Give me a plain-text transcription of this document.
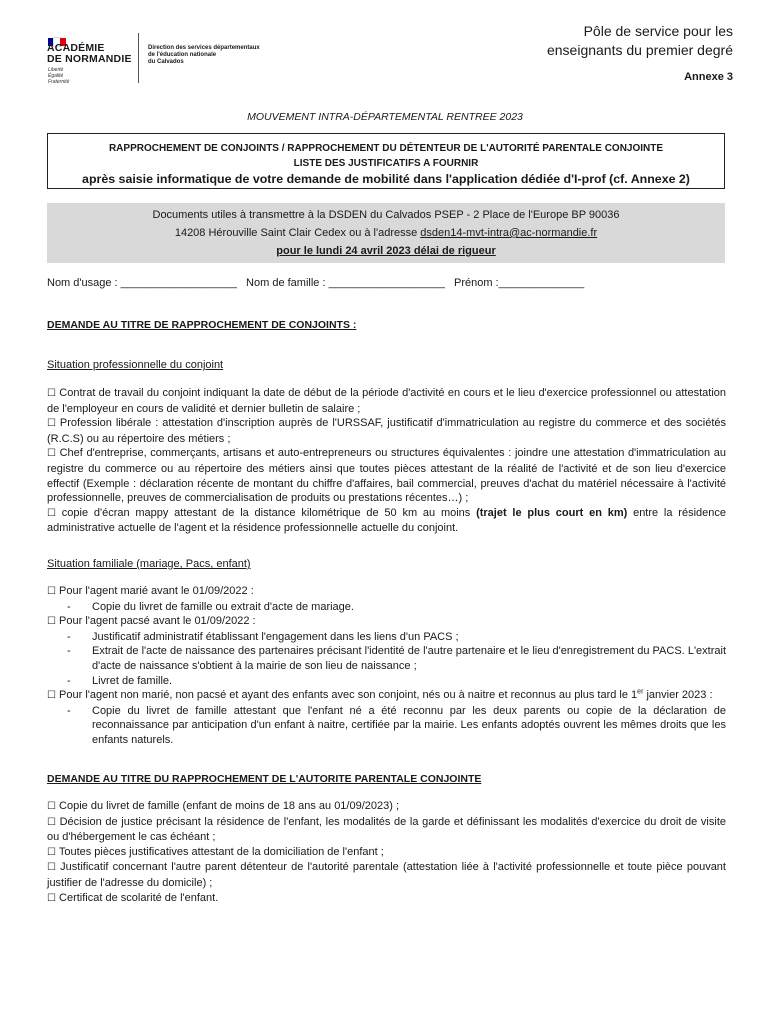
ACADÉMIE
DE NORMANDIE
Liberté
Égalité
Fraternité
Direction des services départementaux
de l'éducation nationale
du Calvados
Pôle de service pour les
enseignants du premier degré
Annexe 3
MOUVEMENT INTRA-DÉPARTEMENTAL RENTREE 2023
RAPPROCHEMENT DE CONJOINTS / RAPPROCHEMENT DU DÉTENTEUR DE L'AUTORITÉ PARENTALE CONJOINTE
LISTE DES JUSTIFICATIFS A FOURNIR
après saisie informatique de votre demande de mobilité dans l'application dédiée d'I-prof (cf. Annexe 2)
Documents utiles à transmettre à la DSDEN du Calvados PSEP - 2 Place de l'Europe BP 90036
14208 Hérouville Saint Clair Cedex ou à l'adresse dsden14-mvt-intra@ac-normandie.fr
pour le lundi 24 avril 2023 délai de rigueur
Nom d'usage : ___________________ Nom de famille : ___________________ Prénom :______________
DEMANDE AU TITRE DE RAPPROCHEMENT DE CONJOINTS :
Situation professionnelle du conjoint

☐ Contrat de travail du conjoint indiquant la date de début de la période d'activité en cours et le lieu d'exercice professionnel ou attestation de l'employeur en cours de validité et dernier bulletin de salaire ;

☐ Profession libérale : attestation d'inscription auprès de l'URSSAF, justificatif d'immatriculation au registre du commerce et des sociétés (R.C.S) ou au répertoire des métiers ;

☐ Chef d'entreprise, commerçants, artisans et auto-entrepreneurs ou structures équivalentes : joindre une attestation d'immatriculation au registre du commerce ou au répertoire des métiers ainsi que toutes pièces attestant de la réalité de l'activité et de son lieu d'exercice effectif (Exemple : déclaration récente de montant du chiffre d'affaires, bail commercial, preuves d'achat du matériel nécessaire à l'activité professionnelle, preuves de commercialisation de produits ou prestations récentes…) ;

☐ copie d'écran mappy attestant de la distance kilométrique de 50 km au moins (trajet le plus court en km) entre la résidence administrative actuelle de l'agent et la résidence professionnelle actuelle du conjoint.

Situation familiale (mariage, Pacs, enfant)

☐ Pour l'agent marié avant le 01/09/2022 :

- Copie du livret de famille ou extrait d'acte de mariage.

☐ Pour l'agent pacsé avant le 01/09/2022 :

- Justificatif administratif établissant l'engagement dans les liens d'un PACS ;

- Extrait de l'acte de naissance des partenaires précisant l'identité de l'autre partenaire et le lieu d'enregistrement du PACS. L'extrait d'acte de naissance s'obtient à la mairie de son lieu de naissance ;

- Livret de famille.

☐ Pour l'agent non marié, non pacsé et ayant des enfants avec son conjoint, nés ou à naitre et reconnus au plus tard le 1er janvier 2023 :

- Copie du livret de famille attestant que l'enfant né a été reconnu par les deux parents ou copie de la déclaration de reconnaissance par anticipation d'un enfant à naitre, certifiée par la mairie. Les enfants adoptés ouvrent les mêmes droits que les enfants naturels.

DEMANDE AU TITRE DU RAPPROCHEMENT DE L'AUTORITE PARENTALE CONJOINTE

☐ Copie du livret de famille (enfant de moins de 18 ans au 01/09/2023) ;

☐ Décision de justice précisant la résidence de l'enfant, les modalités de la garde et définissant les modalités d'exercice du droit de visite ou d'hébergement le cas échéant ;

☐ Toutes pièces justificatives attestant de la domiciliation de l'enfant ;

☐ Justificatif concernant l'autre parent détenteur de l'autorité parentale (attestation liée à l'activité professionnelle et toute pièce pouvant justifier de l'adresse du domicile) ;

☐ Certificat de scolarité de l'enfant.
